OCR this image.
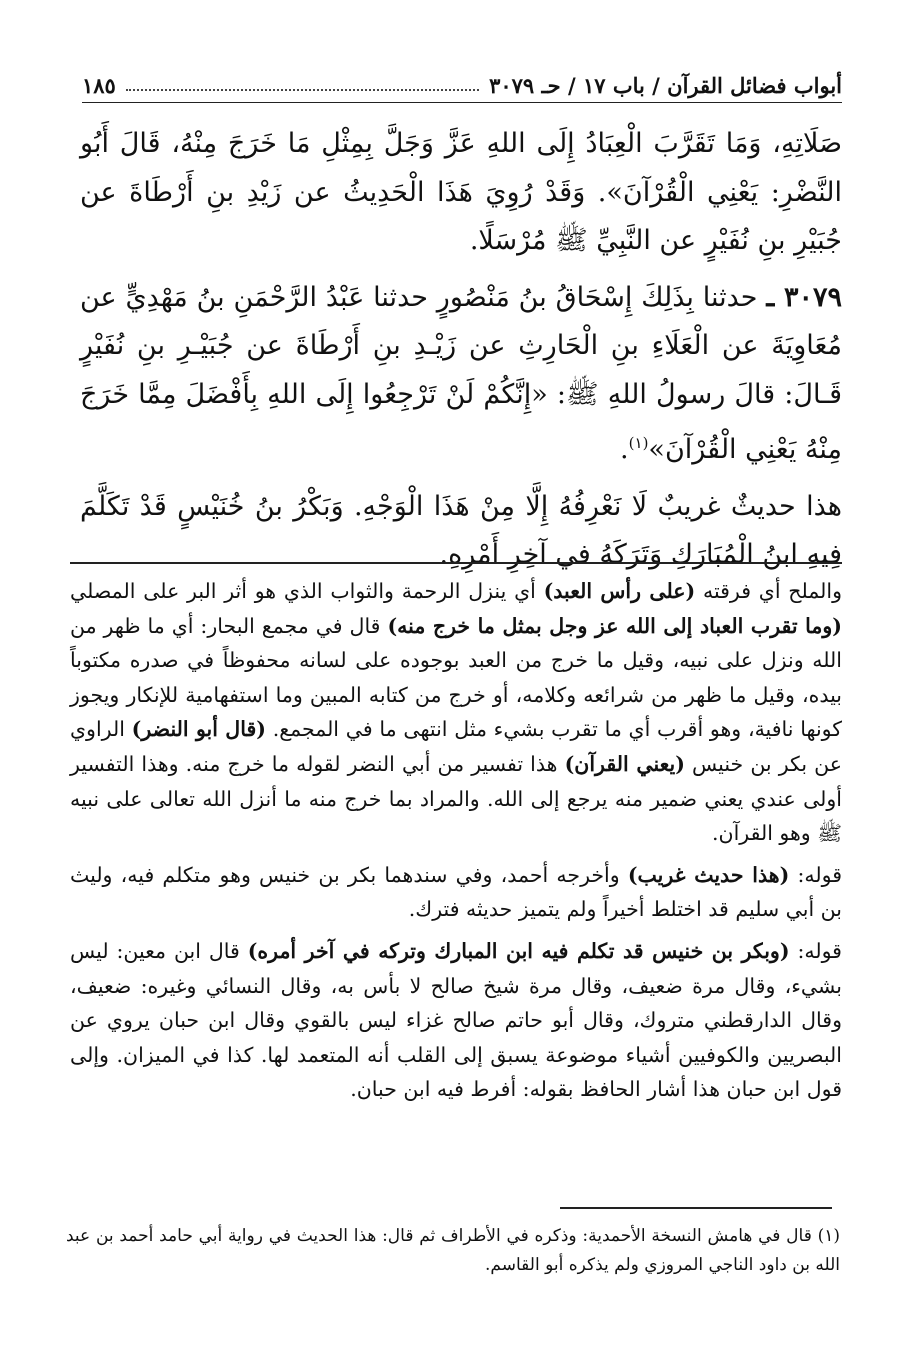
أبواب فضائل القرآن / باب ١٧ / حـ ٣٠٧٩
١٨٥

صَلَاتِهِ، وَمَا تَقَرَّبَ الْعِبَادُ إِلَى اللهِ عَزَّ وَجَلَّ بِمِثْلِ مَا خَرَجَ مِنْهُ، قَالَ أَبُو النَّضْرِ: يَعْنِي الْقُرْآنَ». وَقَدْ رُوِيَ هَذَا الْحَدِيثُ عن زَيْدِ بنِ أَرْطَاةَ عن جُبَيْرِ بنِ نُفَيْرٍ عن النَّبِيِّ ﷺ مُرْسَلًا.

٣٠٧٩ ـ حدثنا بِذَلِكَ إِسْحَاقُ بنُ مَنْصُورٍ حدثنا عَبْدُ الرَّحْمَنِ بنُ مَهْدِيٍّ عن مُعَاوِيَةَ عن الْعَلَاءِ بنِ الْحَارِثِ عن زَيْـدِ بنِ أَرْطَاةَ عن جُبَيْـرِ بنِ نُفَيْرٍ قَـالَ: قالَ رسولُ اللهِ ﷺ: «إِنَّكُمْ لَنْ تَرْجِعُوا إِلَى اللهِ بِأَفْضَلَ مِمَّا خَرَجَ مِنْهُ يَعْنِي الْقُرْآنَ»$^{(١)}$.

هذا حديثٌ غريبٌ لَا نَعْرِفُهُ إِلَّا مِنْ هَذَا الْوَجْهِ. وَبَكْرُ بنُ خُنَيْسٍ قَدْ تَكَلَّمَ فِيهِ ابنُ الْمُبَارَكِ وَتَرَكَهُ في آخِرِ أَمْرِهِ.

والملح أي فرقته (على رأس العبد) أي ينزل الرحمة والثواب الذي هو أثر البر على المصلي (وما تقرب العباد إلى الله عز وجل بمثل ما خرج منه) قال في مجمع البحار: أي ما ظهر من الله ونزل على نبيه، وقيل ما خرج من العبد بوجوده على لسانه محفوظاً في صدره مكتوباً بيده، وقيل ما ظهر من شرائعه وكلامه، أو خرج من كتابه المبين وما استفهامية للإنكار ويجوز كونها نافية، وهو أقرب أي ما تقرب بشيء مثل انتهى ما في المجمع. (قال أبو النضر) الراوي عن بكر بن خنيس (يعني القرآن) هذا تفسير من أبي النضر لقوله ما خرج منه. وهذا التفسير أولى عندي يعني ضمير منه يرجع إلى الله. والمراد بما خرج منه ما أنزل الله تعالى على نبيه ﷺ وهو القرآن.

قوله: (هذا حديث غريب) وأخرجه أحمد، وفي سندهما بكر بن خنيس وهو متكلم فيه، وليث بن أبي سليم قد اختلط أخيراً ولم يتميز حديثه فترك.

قوله: (وبكر بن خنيس قد تكلم فيه ابن المبارك وتركه في آخر أمره) قال ابن معين: ليس بشيء، وقال مرة ضعيف، وقال مرة شيخ صالح لا بأس به، وقال النسائي وغيره: ضعيف، وقال الدارقطني متروك، وقال أبو حاتم صالح غزاء ليس بالقوي وقال ابن حبان يروي عن البصريين والكوفيين أشياء موضوعة يسبق إلى القلب أنه المتعمد لها. كذا في الميزان. وإلى قول ابن حبان هذا أشار الحافظ بقوله: أفرط فيه ابن حبان.

(١) قال في هامش النسخة الأحمدية: وذكره في الأطراف ثم قال: هذا الحديث في رواية أبي حامد أحمد بن عبد الله بن داود الناجي المروزي ولم يذكره أبو القاسم.
